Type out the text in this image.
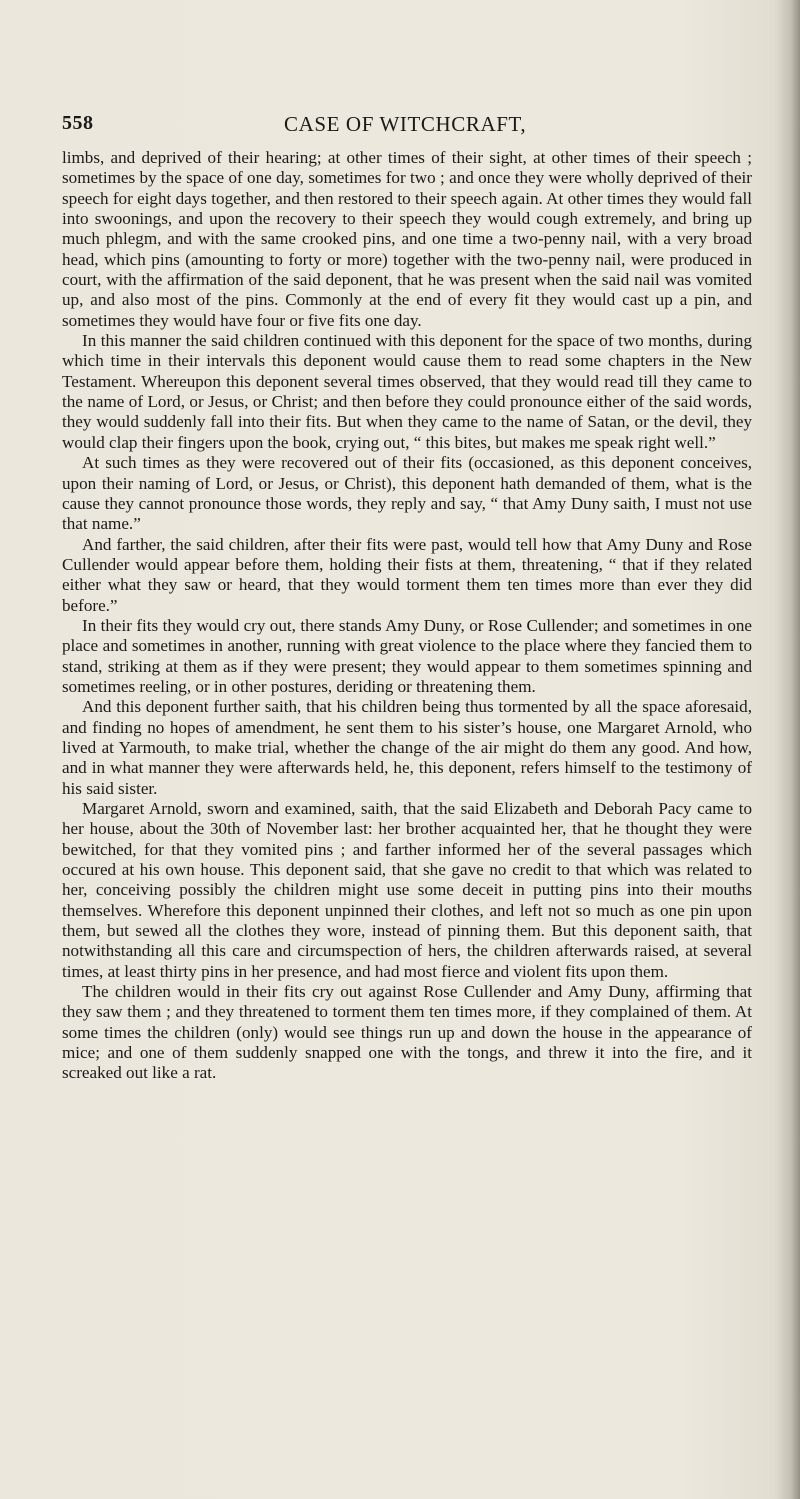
558	CASE OF WITCHCRAFT,

limbs, and deprived of their hearing; at other times of their sight, at other times of their speech ; sometimes by the space of one day, sometimes for two ; and once they were wholly deprived of their speech for eight days together, and then restored to their speech again. At other times they would fall into swoonings, and upon the recovery to their speech they would cough extremely, and bring up much phlegm, and with the same crooked pins, and one time a two-penny nail, with a very broad head, which pins (amounting to forty or more) together with the two-penny nail, were produced in court, with the affirmation of the said deponent, that he was present when the said nail was vomited up, and also most of the pins. Commonly at the end of every fit they would cast up a pin, and sometimes they would have four or five fits one day.

In this manner the said children continued with this deponent for the space of two months, during which time in their intervals this deponent would cause them to read some chapters in the New Testament. Whereupon this deponent several times observed, that they would read till they came to the name of Lord, or Jesus, or Christ; and then before they could pronounce either of the said words, they would suddenly fall into their fits. But when they came to the name of Satan, or the devil, they would clap their fingers upon the book, crying out, “ this bites, but makes me speak right well.”

At such times as they were recovered out of their fits (occasioned, as this deponent conceives, upon their naming of Lord, or Jesus, or Christ), this deponent hath demanded of them, what is the cause they cannot pronounce those words, they reply and say, “ that Amy Duny saith, I must not use that name.”

And farther, the said children, after their fits were past, would tell how that Amy Duny and Rose Cullender would appear before them, holding their fists at them, threatening, “ that if they related either what they saw or heard, that they would torment them ten times more than ever they did before.”

In their fits they would cry out, there stands Amy Duny, or Rose Cullender; and sometimes in one place and sometimes in another, running with great violence to the place where they fancied them to stand, striking at them as if they were present; they would appear to them sometimes spinning and sometimes reeling, or in other postures, deriding or threatening them.

And this deponent further saith, that his children being thus tormented by all the space aforesaid, and finding no hopes of amendment, he sent them to his sister’s house, one Margaret Arnold, who lived at Yarmouth, to make trial, whether the change of the air might do them any good. And how, and in what manner they were afterwards held, he, this deponent, refers himself to the testimony of his said sister.

Margaret Arnold, sworn and examined, saith, that the said Elizabeth and Deborah Pacy came to her house, about the 30th of November last: her brother acquainted her, that he thought they were bewitched, for that they vomited pins ; and farther informed her of the several passages which occured at his own house. This deponent said, that she gave no credit to that which was related to her, conceiving possibly the children might use some deceit in putting pins into their mouths themselves. Wherefore this deponent unpinned their clothes, and left not so much as one pin upon them, but sewed all the clothes they wore, instead of pinning them. But this deponent saith, that notwithstanding all this care and circumspection of hers, the children afterwards raised, at several times, at least thirty pins in her presence, and had most fierce and violent fits upon them.

The children would in their fits cry out against Rose Cullender and Amy Duny, affirming that they saw them ; and they threatened to torment them ten times more, if they complained of them. At some times the children (only) would see things run up and down the house in the appearance of mice; and one of them suddenly snapped one with the tongs, and threw it into the fire, and it screaked out like a rat.
